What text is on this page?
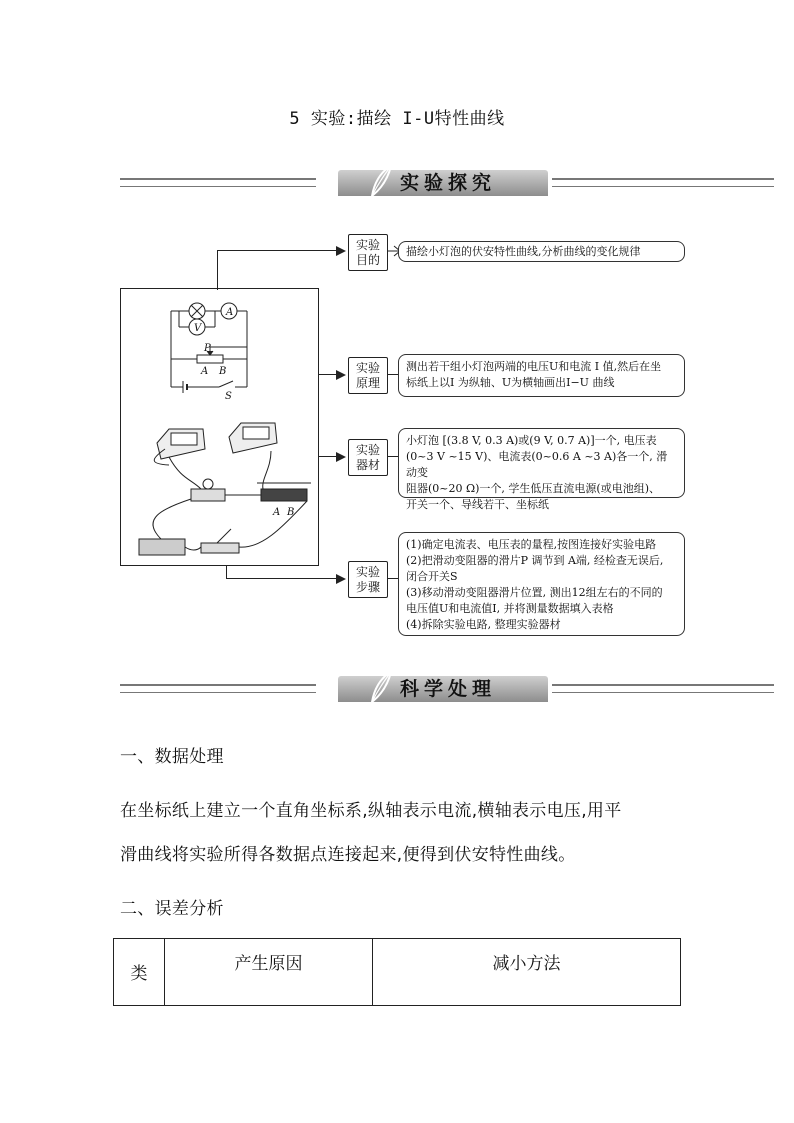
5 实验:描绘 I-U特性曲线
实验探究
V
A
P
A B
S
A B
实验
目的

描绘小灯泡的伏安特性曲线,分析曲线的变化规律

实验
原理

测出若干组小灯泡两端的电压U和电流 I 值,然后在坐

标纸上以I 为纵轴、U为横轴画出I−U 曲线

实验
器材

小灯泡 [(3.8 V, 0.3 A)或(9 V, 0.7 A)]一个, 电压表

(0~3 V ~15 V)、电流表(0~0.6 A ~3 A)各一个, 滑动变

阻器(0~20 Ω)一个, 学生低压直流电源(或电池组)、

开关一个、导线若干、坐标纸

实验
步骤

(1)确定电流表、电压表的量程,按图连接好实验电路

(2)把滑动变阻器的滑片P 调节到 A端, 经检查无误后,

闭合开关S

(3)移动滑动变阻器滑片位置, 测出12组左右的不同的

电压值U和电流值I, 并将测量数据填入表格

(4)拆除实验电路, 整理实验器材

科学处理
一、数据处理
在坐标纸上建立一个直角坐标系,纵轴表示电流,横轴表示电压,用平
滑曲线将实验所得各数据点连接起来,便得到伏安特性曲线。
二、误差分析
类	产生原因	减小方法
